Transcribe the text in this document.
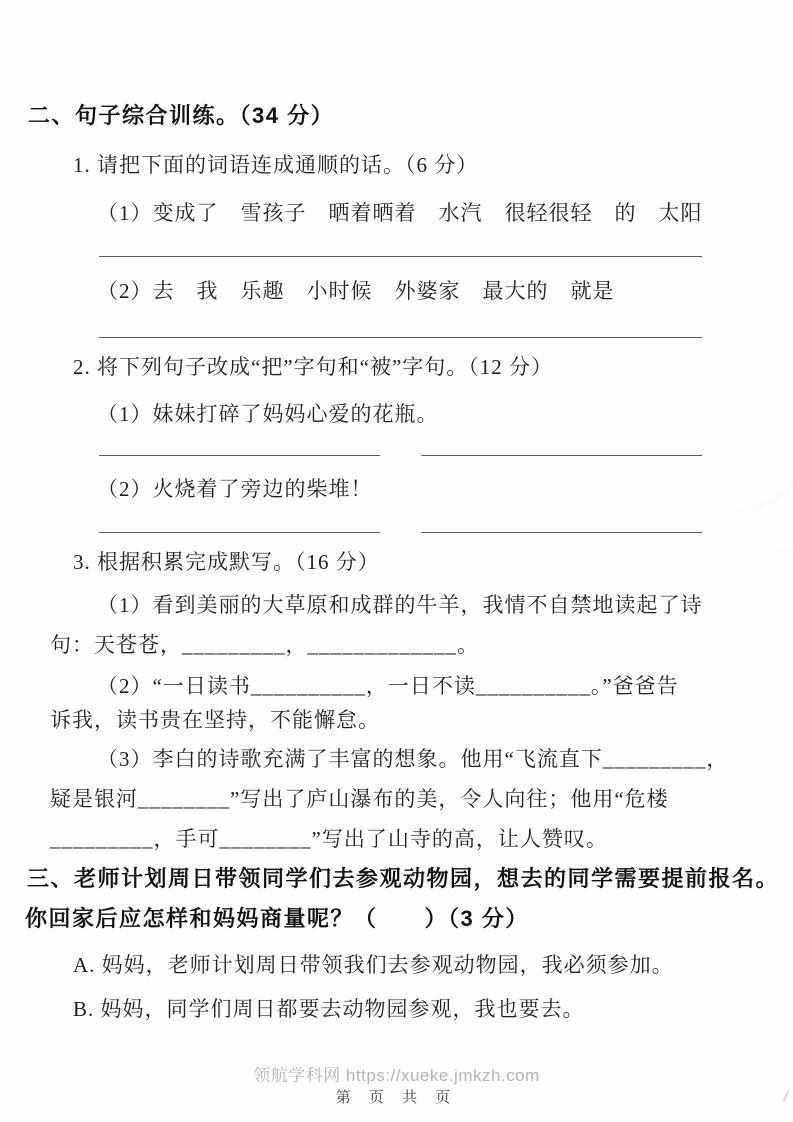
二、句子综合训练。（34 分）
1. 请把下面的词语连成通顺的话。（6 分）
（1）变成了　雪孩子　晒着晒着　水汽　很轻很轻　的　太阳
（2）去　我　乐趣　小时候　外婆家　最大的　就是
2. 将下列句子改成“把”字句和“被”字句。（12 分）
（1）妹妹打碎了妈妈心爱的花瓶。
（2）火烧着了旁边的柴堆！
3. 根据积累完成默写。（16 分）
（1）看到美丽的大草原和成群的牛羊，我情不自禁地读起了诗
句：天苍苍，_________，_____________。
（2）“一日读书__________，一日不读__________。”爸爸告
诉我，读书贵在坚持，不能懈怠。
（3）李白的诗歌充满了丰富的想象。他用“飞流直下_________，
疑是银河________”写出了庐山瀑布的美，令人向往；他用“危楼
_________，手可________”写出了山寺的高，让人赞叹。
三、老师计划周日带领同学们去参观动物园，想去的同学需要提前报名。
你回家后应怎样和妈妈商量呢？（　　）（3 分）
A. 妈妈，老师计划周日带领我们去参观动物园，我必须参加。
B. 妈妈，同学们周日都要去动物园参观，我也要去。
领航学科网 https://xueke.jmkzh.com
第 页 共 页
